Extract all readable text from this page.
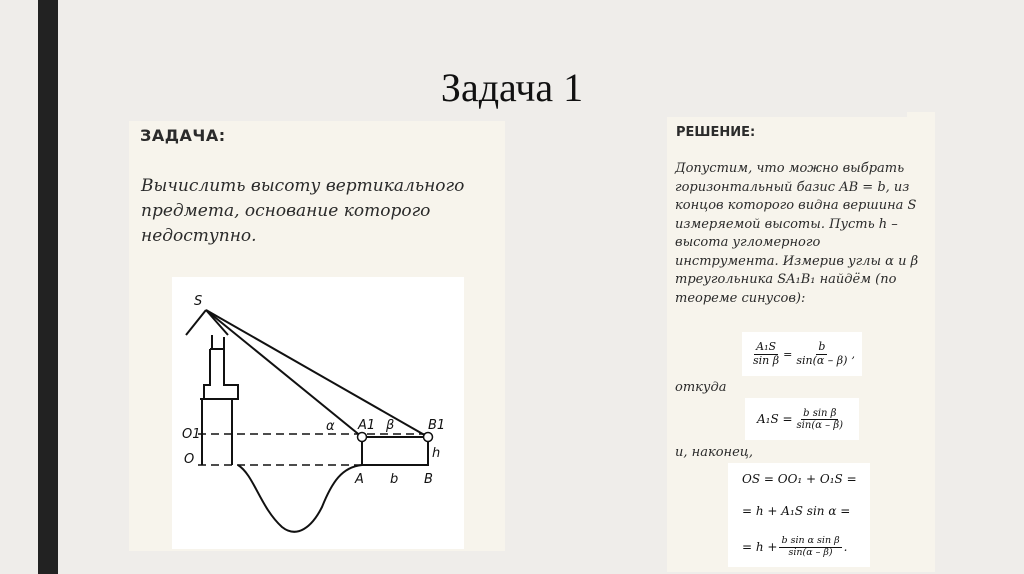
Задача 1
ЗАДАЧА:
Вычислить высоту вертикального предмета, основание которого недоступно.
S
O1
O
α A1 β	B1
h
A b B
РЕШЕНИЕ:
Допустим, что можно выбрать горизонтальный базис AB = b, из концов которого видна вершина S измеряемой высоты. Пусть h – высота угломерного инструмента. Измерив углы α и β треугольника SA₁B₁ найдём (по теореме синусов):
$\frac{\text{A₁S}}{\text{sin β}} = \frac{b}{\sin(\alpha - \beta)}$ ,
откуда
$A_1S = \frac{\text{b sin β}}{\sin(\alpha - \beta)}$
и, наконец,
OS = OO₁ + O₁S =
= h + A₁S sin α =
= $h + \frac{\text{b sin α sin β}}{\sin(\alpha - \beta)}$ .
